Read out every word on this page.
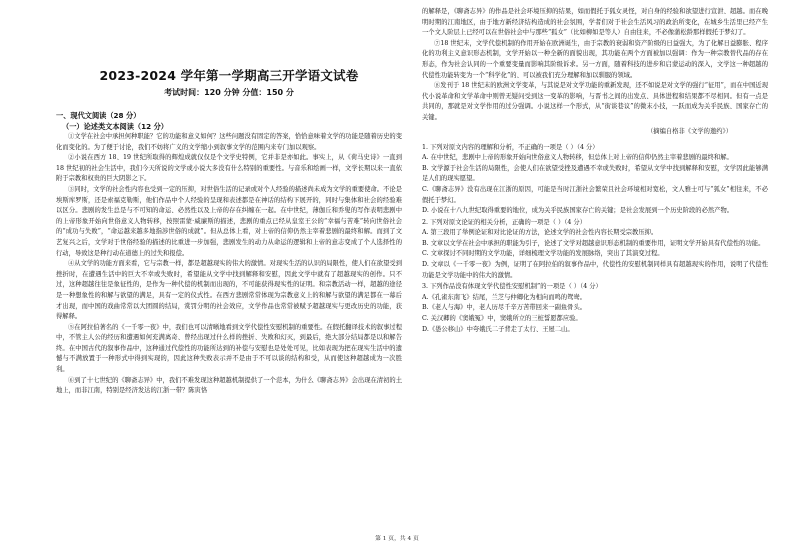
2023-2024 学年第一学期高三开学语文试卷
考试时间：120 分钟 分值：150 分
一、现代文阅读（28 分）
（一）论述类文本阅读（12 分）

①文学在社会中承担何种职能？它的功能和意义如何？这些问题没有固定的答案，恰恰意味着文学的功能是随着历史的变化而变化的。为了便于讨论，我们不妨将广义的文学缩小到叙事文学的范围内来专门加以观察。

②小说在西方 18、19 世纪所取得的辉煌成就仅仅是个文学史特例，它并非是亦如此。事实上，从《荷马史诗》一直到 18 世纪初的社会生活中，我们今天所说的文学或小说大多没有什么特别的重要性。与音乐和绘画一样，文学长期以来一直依附于宗教和权贵的巨大阴影之下。

③同时，文学的社会性内容也受到一定的压抑，对世俗生活的记录或对个人经验的描述尚未成为文学的重要使命。不论是埃斯库罗斯，还是索福克勒斯，他们作品中个人经验的呈现和表述都是在神话的结构下展开的，同时与集体和社会的经验难以区分。悲剧的发生总是与不可知的命运、必然性以及上帝的存在纠缠在一起。在中世纪，薄伽丘和乔叟的写作表明悲剧中的上帝形象开始向世俗意义人物转移，按照雷蒙·威廉斯的描述，悲剧的重点已经从皇室王公的“幸福与苦难”转向世俗社会的“成功与失败”，“命运越来越多地指涉世俗的成就”。但从总体上看，对上帝的信仰仍然主宰着悲剧的最终和解。而到了文艺复兴之后，文学对于世俗经验的描述的比重进一步加强，悲剧发生的动力从命运的逻辑和上帝的意志变成了个人选择性的行动，导致这是种行动在道德上的过失和报偿。

④从文学的功能方面来看，它与宗教一样，都是超越现实的伟大的激情。对现实生活的认识的局限性，使人们在欲望受到挫折时，在遭遇生活中的巨大不幸或失败时，希望能从文学中找到解释和安慰，因此文学中就有了超越现实的创作。只不过，这种超越往往是象征性的，是作为一种代偿的机制而出现的，不可能获得现实性的证明。和宗教活动一样，超越的途径是一种想象性的和解与欲望的满足，具有一定的仪式性。在西方悲剧常常体现为宗教意义上的和解与欲望的满足都在一幕后才出现，而中国的戏曲常常以大团圆的结局，赏罚分明的社会效应，文学作品也常常被赋予超越现实与更改历史的功能，获得解释。

⑤在阿拉伯著名的《一千零一夜》中，我们也可以清晰地看到文学代偿性安慰机制的重要性。在假托翻译技术的叙事过程中，不管主人公的经历和遭遇如何充满离奇、曾经出现过什么样的挫折、失败和幻灭，到最后，绝大部分结局都是以和解告终。在中国古代的叙事作品中，这种通过代偿性的功能所达到的补偿与安慰也是处处可见，比如表现为把在现实生活中的遗憾与不满放置于一种形式中得到实现的，因此这种失败表示并不是由于不可以谈的结构和受，从而使这种超越成为一次胜利。

⑥到了十七世纪的《聊斋志异》中，我们不难发现这种超越机制提供了一个范本，为什么《聊斋志异》会出现在清初的土地上，而非江南，特别是经济发达的江浙一带？陈寅恪

的解释是，《聊斋志异》的作品是社会环境压抑的结果，如而假托于狐女灵怪，对自身的经验和欲望进行宣泄、超越。而在晚明时期的江南地区，由于地方新经济结构造成的社会氛围，学者们对于社会生活风习的政治所变化，在城乡生活里已经产生一个文人阶层上已经可以在世俗社会中与那些“狐女”（比如柳如是等人）自由往来，不必像蒲松龄那样假托于梦幻了。

⑦18 世纪末，文学代偿机制的作用开始在欧洲诞生，由于宗教的衰弱和资产阶级的日益强大，为了化解日益膨胀、程序化的功利主义意识形态机制，文学开始以一种全新的面貌出现，其功能在两个方面被加以强调：作为一种宗教替代品的存在形态，作为社会认同的一个重要变量而影响其阶级诉求。另一方面，随着科技的进步和启蒙运动的深入，文学这一种超越的代偿性功能转变为一个“科学化”的、可以被我们充分理解和加以驯服的领域。

⑧发刊于 18 世纪末的欧洲文学变革，与其说是对文学功能的重新发现，还不如说是对文学的强行“征用”，而在中国近现代小说革命和文学革命中则曾无疑问受到这一变革的影响，与晋书之间的出发点、具体进程和结果都不尽相同。但有一点是共同的，那就是对文学作用的过分强调。小说这样一个形式，从“街谈巷议”的微末小技，一跃而成为关乎民族、国家存亡的关键。

（摘编自格非《文学的邀约》）
1. 下列对原文内容的理解和分析，不正确的一项是（ ）（4 分）
A. 在中世纪，悲剧中上帝的形象开始向世俗意义人物转移，但总体上对上帝的信仰仍然主宰着悲剧的最终和解。
B. 文学源于社会生活的局限性，会使人们在欲望受挫及遭遇不幸或失败时，希望从文学中找到解释和安慰，文学因此能够满足人们的现实愿望。
C.《聊斋志异》没有出现在江浙的原因，可能是当时江浙社会繁荣且社会环境相对宽松，文人雅士可与“狐女”相往来，不必假托于梦幻。
D. 小说在十八九世纪取得重要的地位，成为关乎民族国家存亡的关键；是社会发展到一个历史阶段的必然产物。
2. 下列对原文论证的相关分析，正确的一项是（ ）（4 分）
A. 第三段用了举例论证和对比论证的方法，论述文学的社会性内容长期受宗教压抑。
B. 文章以文学在社会中承担的职能为引子，论述了文学对超越意识形态机制的重要作用，证明文学开始具有代偿性的功能。
C. 文章探讨不同时期的文学功能，详细梳理文学功能的发展脉络，突出了其演变过程。
D. 文章以《一千零一夜》为例，证明了在阿拉伯的叙事作品中，代偿性的安慰机制同样具有超越现实的作用，说明了代偿性功能是文学功能中的伟大的激情。
3. 下列作品没有体现文学代偿性安慰机制”的一项是（ ）（4 分）
A.《孔雀东南飞》结尾，兰芝与仲卿化为相向而鸣的鸳鸯。
B.《老人与海》中，老人历尽千辛万苦带回来一副鱼骨头。
C. 关汉卿的《窦娥冤》中，窦娥所立的三桩誓愿都应验。
D.《愚公移山》中夸娥氏二子背走了太行、王屋二山。
第 1 页，共 4 页
